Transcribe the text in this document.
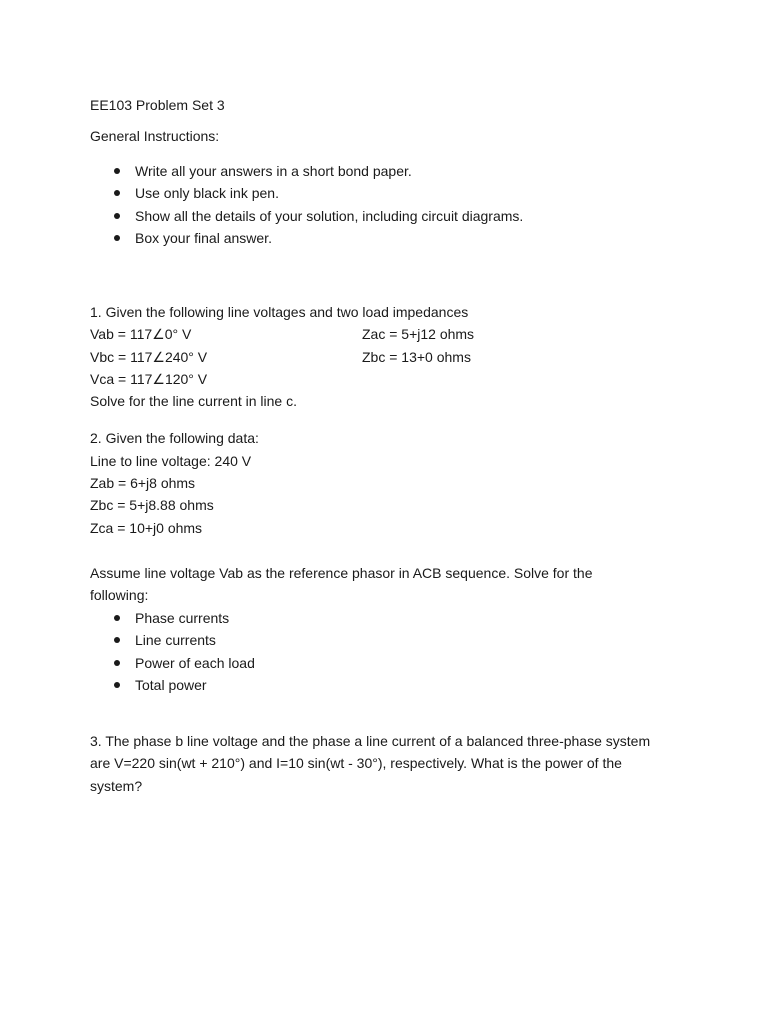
EE103 Problem Set 3
General Instructions:
Write all your answers in a short bond paper.
Use only black ink pen.
Show all the details of your solution, including circuit diagrams.
Box your final answer.
1. Given the following line voltages and two load impedances
Vab = 117∠0° V	Zac = 5+j12 ohms
Vbc = 117∠240° V	Zbc = 13+0 ohms
Vca = 117∠120° V
Solve for the line current in line c.
2. Given the following data:
Line to line voltage: 240 V
Zab = 6+j8 ohms
Zbc = 5+j8.88 ohms
Zca = 10+j0 ohms
Assume line voltage Vab as the reference phasor in ACB sequence. Solve for the
following:
Phase currents
Line currents
Power of each load
Total power
3. The phase b line voltage and the phase a line current of a balanced three-phase system
are V=220 sin(wt + 210°) and I=10 sin(wt - 30°), respectively. What is the power of the
system?
